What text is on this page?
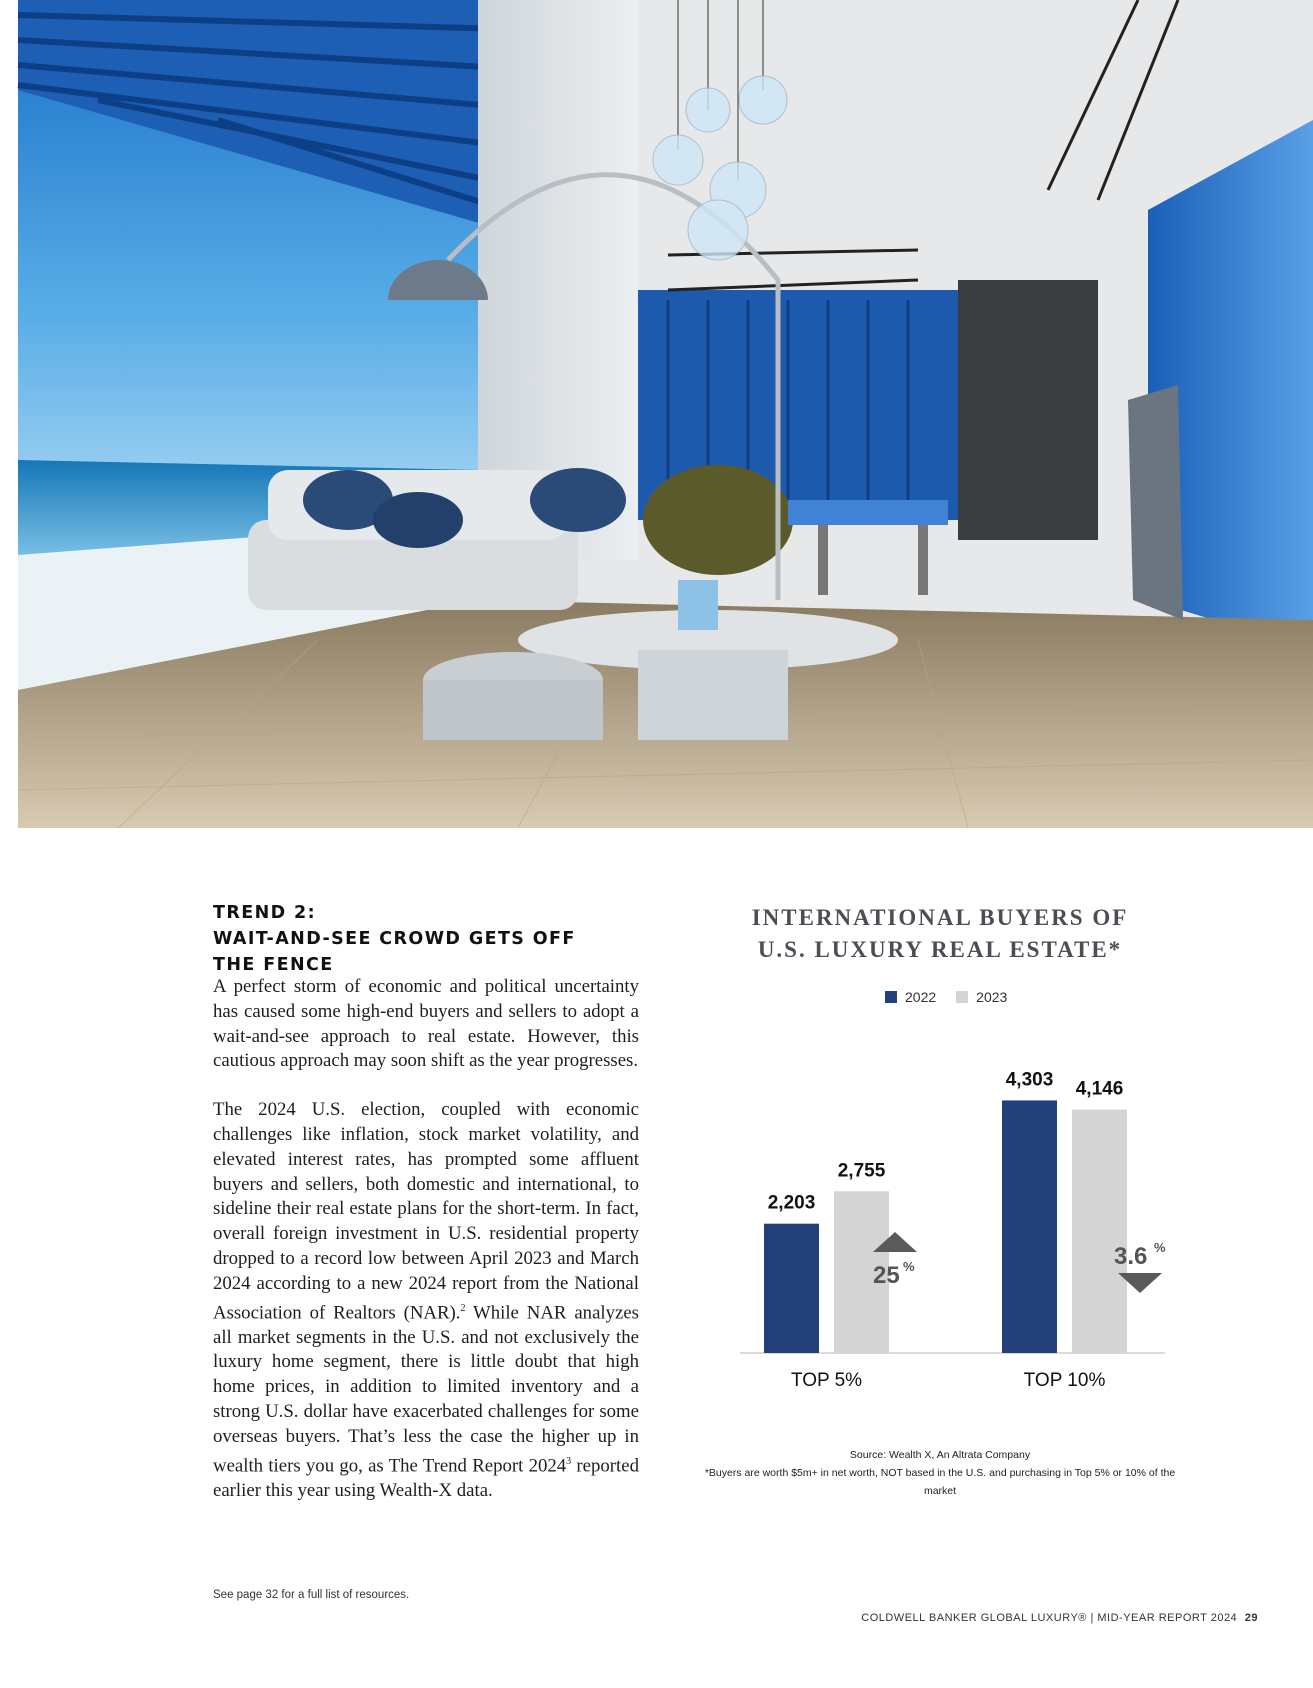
TREND 2:
WAIT-AND-SEE CROWD GETS OFF
THE FENCE

A perfect storm of economic and political uncertainty has caused some high-end buyers and sellers to adopt a wait-and-see approach to real estate. However, this cautious approach may soon shift as the year progresses.

The 2024 U.S. election, coupled with economic challenges like inflation, stock market volatility, and elevated interest rates, has prompted some affluent buyers and sellers, both domestic and international, to sideline their real estate plans for the short-term. In fact, overall foreign investment in U.S. residential property dropped to a record low between April 2023 and March 2024 according to a new 2024 report from the National Association of Realtors (NAR).$^2$ While NAR analyzes all market segments in the U.S. and not exclusively the luxury home segment, there is little doubt that high home prices, in addition to limited inventory and a strong U.S. dollar have exacerbated challenges for some overseas buyers. That’s less the case the higher up in wealth tiers you go, as The Trend Report 2024$^3$ reported earlier this year using Wealth-X data.

INTERNATIONAL BUYERS OF
U.S. LUXURY REAL ESTATE*
2022	2023
2,203
2,755
TOP 5%
25 %
4,303 4,146
TOP 10%
3.6 %
Source: Wealth X, An Altrata Company
*Buyers are worth $5m+ in net worth, NOT based in the U.S. and purchasing in Top 5% or 10% of the market
See page 32 for a full list of resources.
COLDWELL BANKER GLOBAL LUXURY® | MID-YEAR REPORT 2024 29
